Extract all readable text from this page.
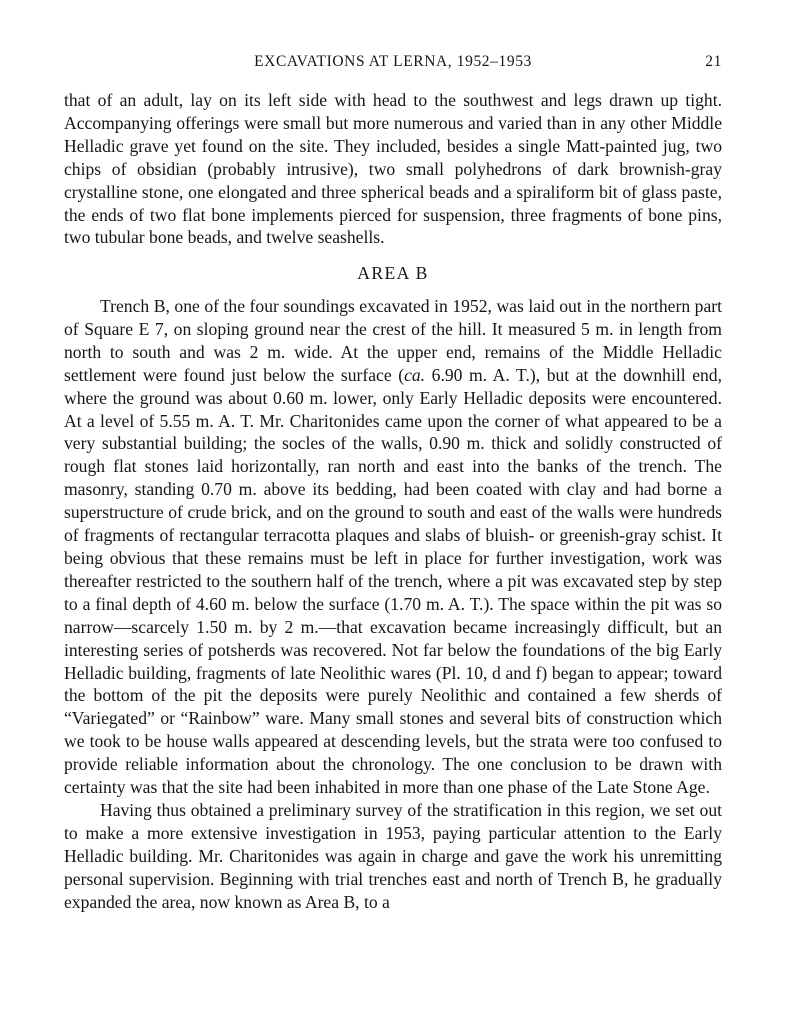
EXCAVATIONS AT LERNA, 1952–1953	21

that of an adult, lay on its left side with head to the southwest and legs drawn up tight. Accompanying offerings were small but more numerous and varied than in any other Middle Helladic grave yet found on the site. They included, besides a single Matt-painted jug, two chips of obsidian (probably intrusive), two small polyhedrons of dark brownish-gray crystalline stone, one elongated and three spherical beads and a spiraliform bit of glass paste, the ends of two flat bone implements pierced for suspension, three fragments of bone pins, two tubular bone beads, and twelve seashells.

AREA B

Trench B, one of the four soundings excavated in 1952, was laid out in the northern part of Square E 7, on sloping ground near the crest of the hill. It measured 5 m. in length from north to south and was 2 m. wide. At the upper end, remains of the Middle Helladic settlement were found just below the surface (ca. 6.90 m. A. T.), but at the downhill end, where the ground was about 0.60 m. lower, only Early Helladic deposits were encountered. At a level of 5.55 m. A. T. Mr. Charitonides came upon the corner of what appeared to be a very substantial building; the socles of the walls, 0.90 m. thick and solidly constructed of rough flat stones laid horizontally, ran north and east into the banks of the trench. The masonry, standing 0.70 m. above its bedding, had been coated with clay and had borne a superstructure of crude brick, and on the ground to south and east of the walls were hundreds of fragments of rectangular terracotta plaques and slabs of bluish- or greenish-gray schist. It being obvious that these remains must be left in place for further investigation, work was thereafter restricted to the southern half of the trench, where a pit was excavated step by step to a final depth of 4.60 m. below the surface (1.70 m. A. T.). The space within the pit was so narrow—scarcely 1.50 m. by 2 m.—that excavation became increasingly difficult, but an interesting series of potsherds was recovered. Not far below the foundations of the big Early Helladic building, fragments of late Neolithic wares (Pl. 10, d and f) began to appear; toward the bottom of the pit the deposits were purely Neolithic and contained a few sherds of “Variegated” or “Rainbow” ware. Many small stones and several bits of construction which we took to be house walls appeared at descending levels, but the strata were too confused to provide reliable information about the chronology. The one conclusion to be drawn with certainty was that the site had been inhabited in more than one phase of the Late Stone Age.

Having thus obtained a preliminary survey of the stratification in this region, we set out to make a more extensive investigation in 1953, paying particular attention to the Early Helladic building. Mr. Charitonides was again in charge and gave the work his unremitting personal supervision. Beginning with trial trenches east and north of Trench B, he gradually expanded the area, now known as Area B, to a
